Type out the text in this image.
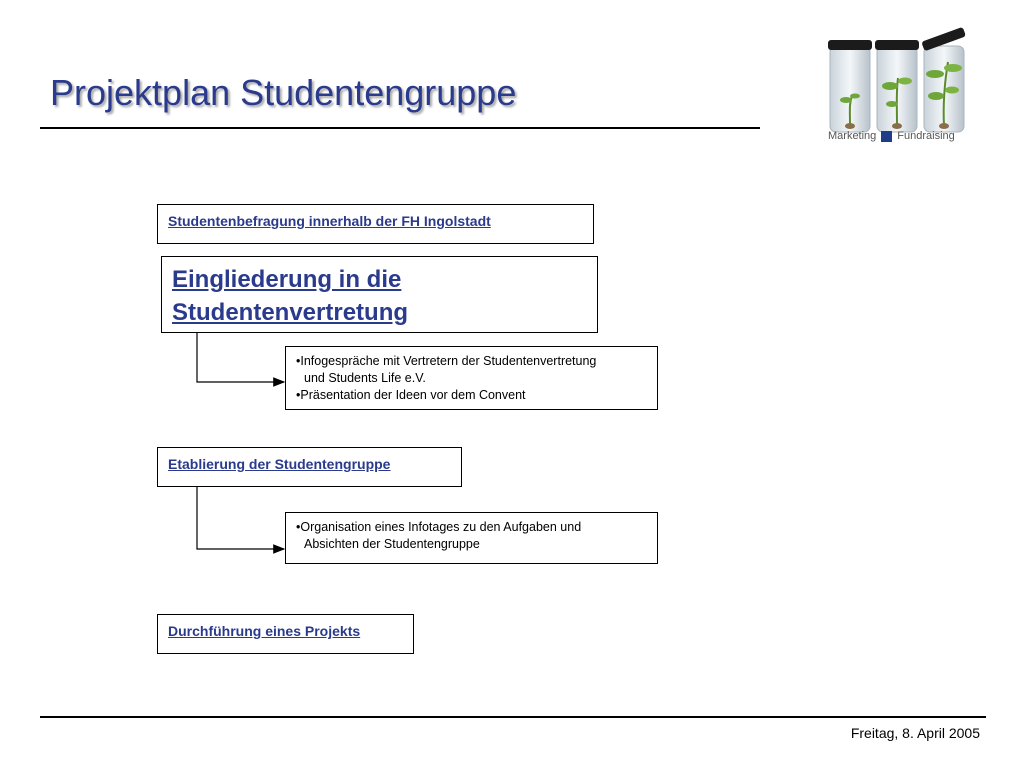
Projektplan Studentengruppe
Marketing Fundraising
Studentenbefragung innerhalb der FH Ingolstadt
Eingliederung in die Studentenvertretung
•Infogespräche mit Vertretern der Studentenvertretung
und Students Life e.V.
•Präsentation der Ideen vor dem Convent
Etablierung der Studentengruppe
•Organisation eines Infotages zu den Aufgaben und
Absichten der Studentengruppe
Durchführung eines Projekts
Freitag, 8. April 2005
